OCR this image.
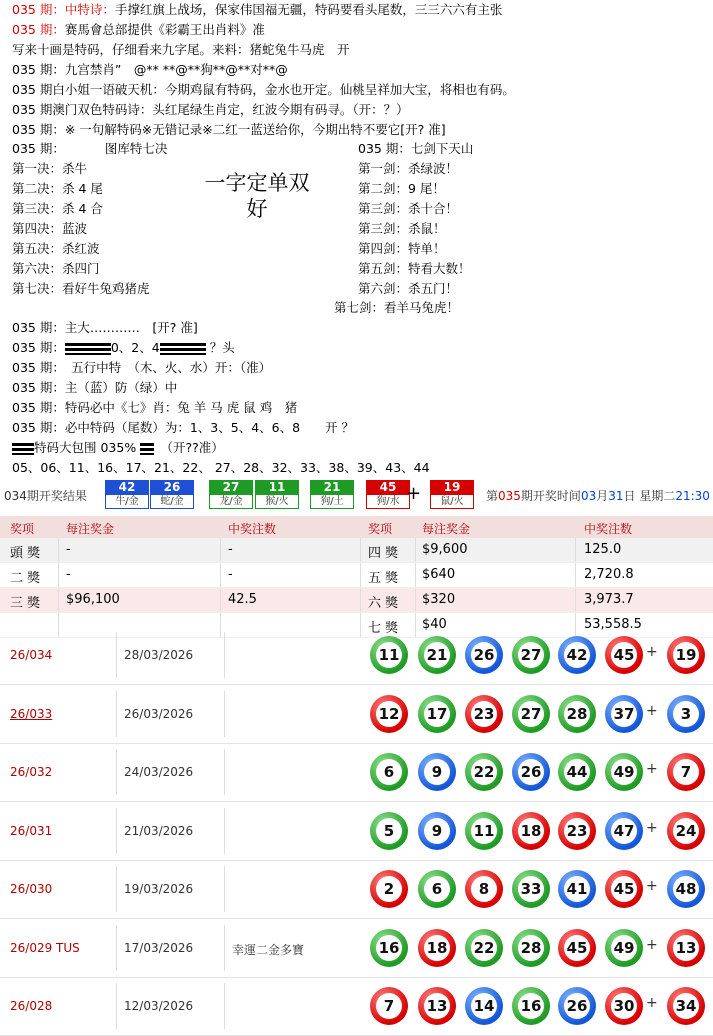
035 期：中特诗：手撑红旗上战场，保家伟国福无疆，特码要看头尾数，三三六六有主张
035 期：赛馬會总部提供《彩霸王出肖料》准
写来十画是特码，仔细看来九字尾。来料：猪蛇兔牛马虎　开
035 期：九宫禁肖”　@** **@**狗**@**对**@
035 期白小姐一语破天机：今期鸡鼠有特码，金水也开定。仙桃呈祥加大宝，将相也有码。
035 期澳门双色特码诗：头红尾绿生肖定，红波今期有码寻。（开：？）
035 期：※ 一句解特码※无错记录※二红一蓝送给你，今期出特不要它[开? 准]
035 期：	图库特七决
第一决：杀牛
第二决：杀 4 尾
第三决：杀 4 合
第四决：蓝波
第五决：杀红波
第六决：杀四门
第七决：看好牛兔鸡猪虎
一字定单双
好
035 期：七剑下天山
第一剑：杀绿波！
第二剑：9 尾！
第三剑：杀十合！
第三剑：杀鼠！
第四剑：特单！
第五剑：特看大数！
第六剑：杀五门！
第七剑：看羊马兔虎！
035 期：主大…………　[开? 准]
035 期：	0、2、4	？头
035 期：　五行中特　（木、火、水）开：（准）
035 期：主（蓝）防（绿）中
035 期：特码必中《七》肖：兔 羊 马 虎 鼠 鸡　猪
035 期：必中特码（尾数）为：1、3、5、4、6、8　　开 ？
特码大包围 035% 　 （开??准）
05、06、11、16、17、21、22、 27、28、32、33、38、39、43、44
034期开奖结果
42
牛/金
26
蛇/金
27
龙/金
11
猴/火
21
狗/土
45
狗/水
19
鼠/火
+	第035期开奖时间03月31日 星期二21:30
奖项	每注奖金	中奖注数	奖项 每注奖金	中奖注数
頭 獎 -	-	四 獎 $9,600	125.0
二 獎 -	-	五 獎 $640	2,720.8
三 獎 $96,100	42.5	六 獎 $320	3,973.7
七 獎 $40	53,558.5
26/034	28/03/2026	11 21 26 27 42 45 + 19
26/033	26/03/2026	12 17 23 27 28 37 +	3
26/032	24/03/2026	6	9	22 26 44 49 +	7
26/031	21/03/2026	5	9	11 18 23 47 + 24
26/030	19/03/2026	2	6	8	33 41 45 + 48
26/029 TUS	17/03/2026	幸運二金多寶	16 18 22 28 45 49 + 13
26/028	12/03/2026	7	13 14 16 26 30 + 34
